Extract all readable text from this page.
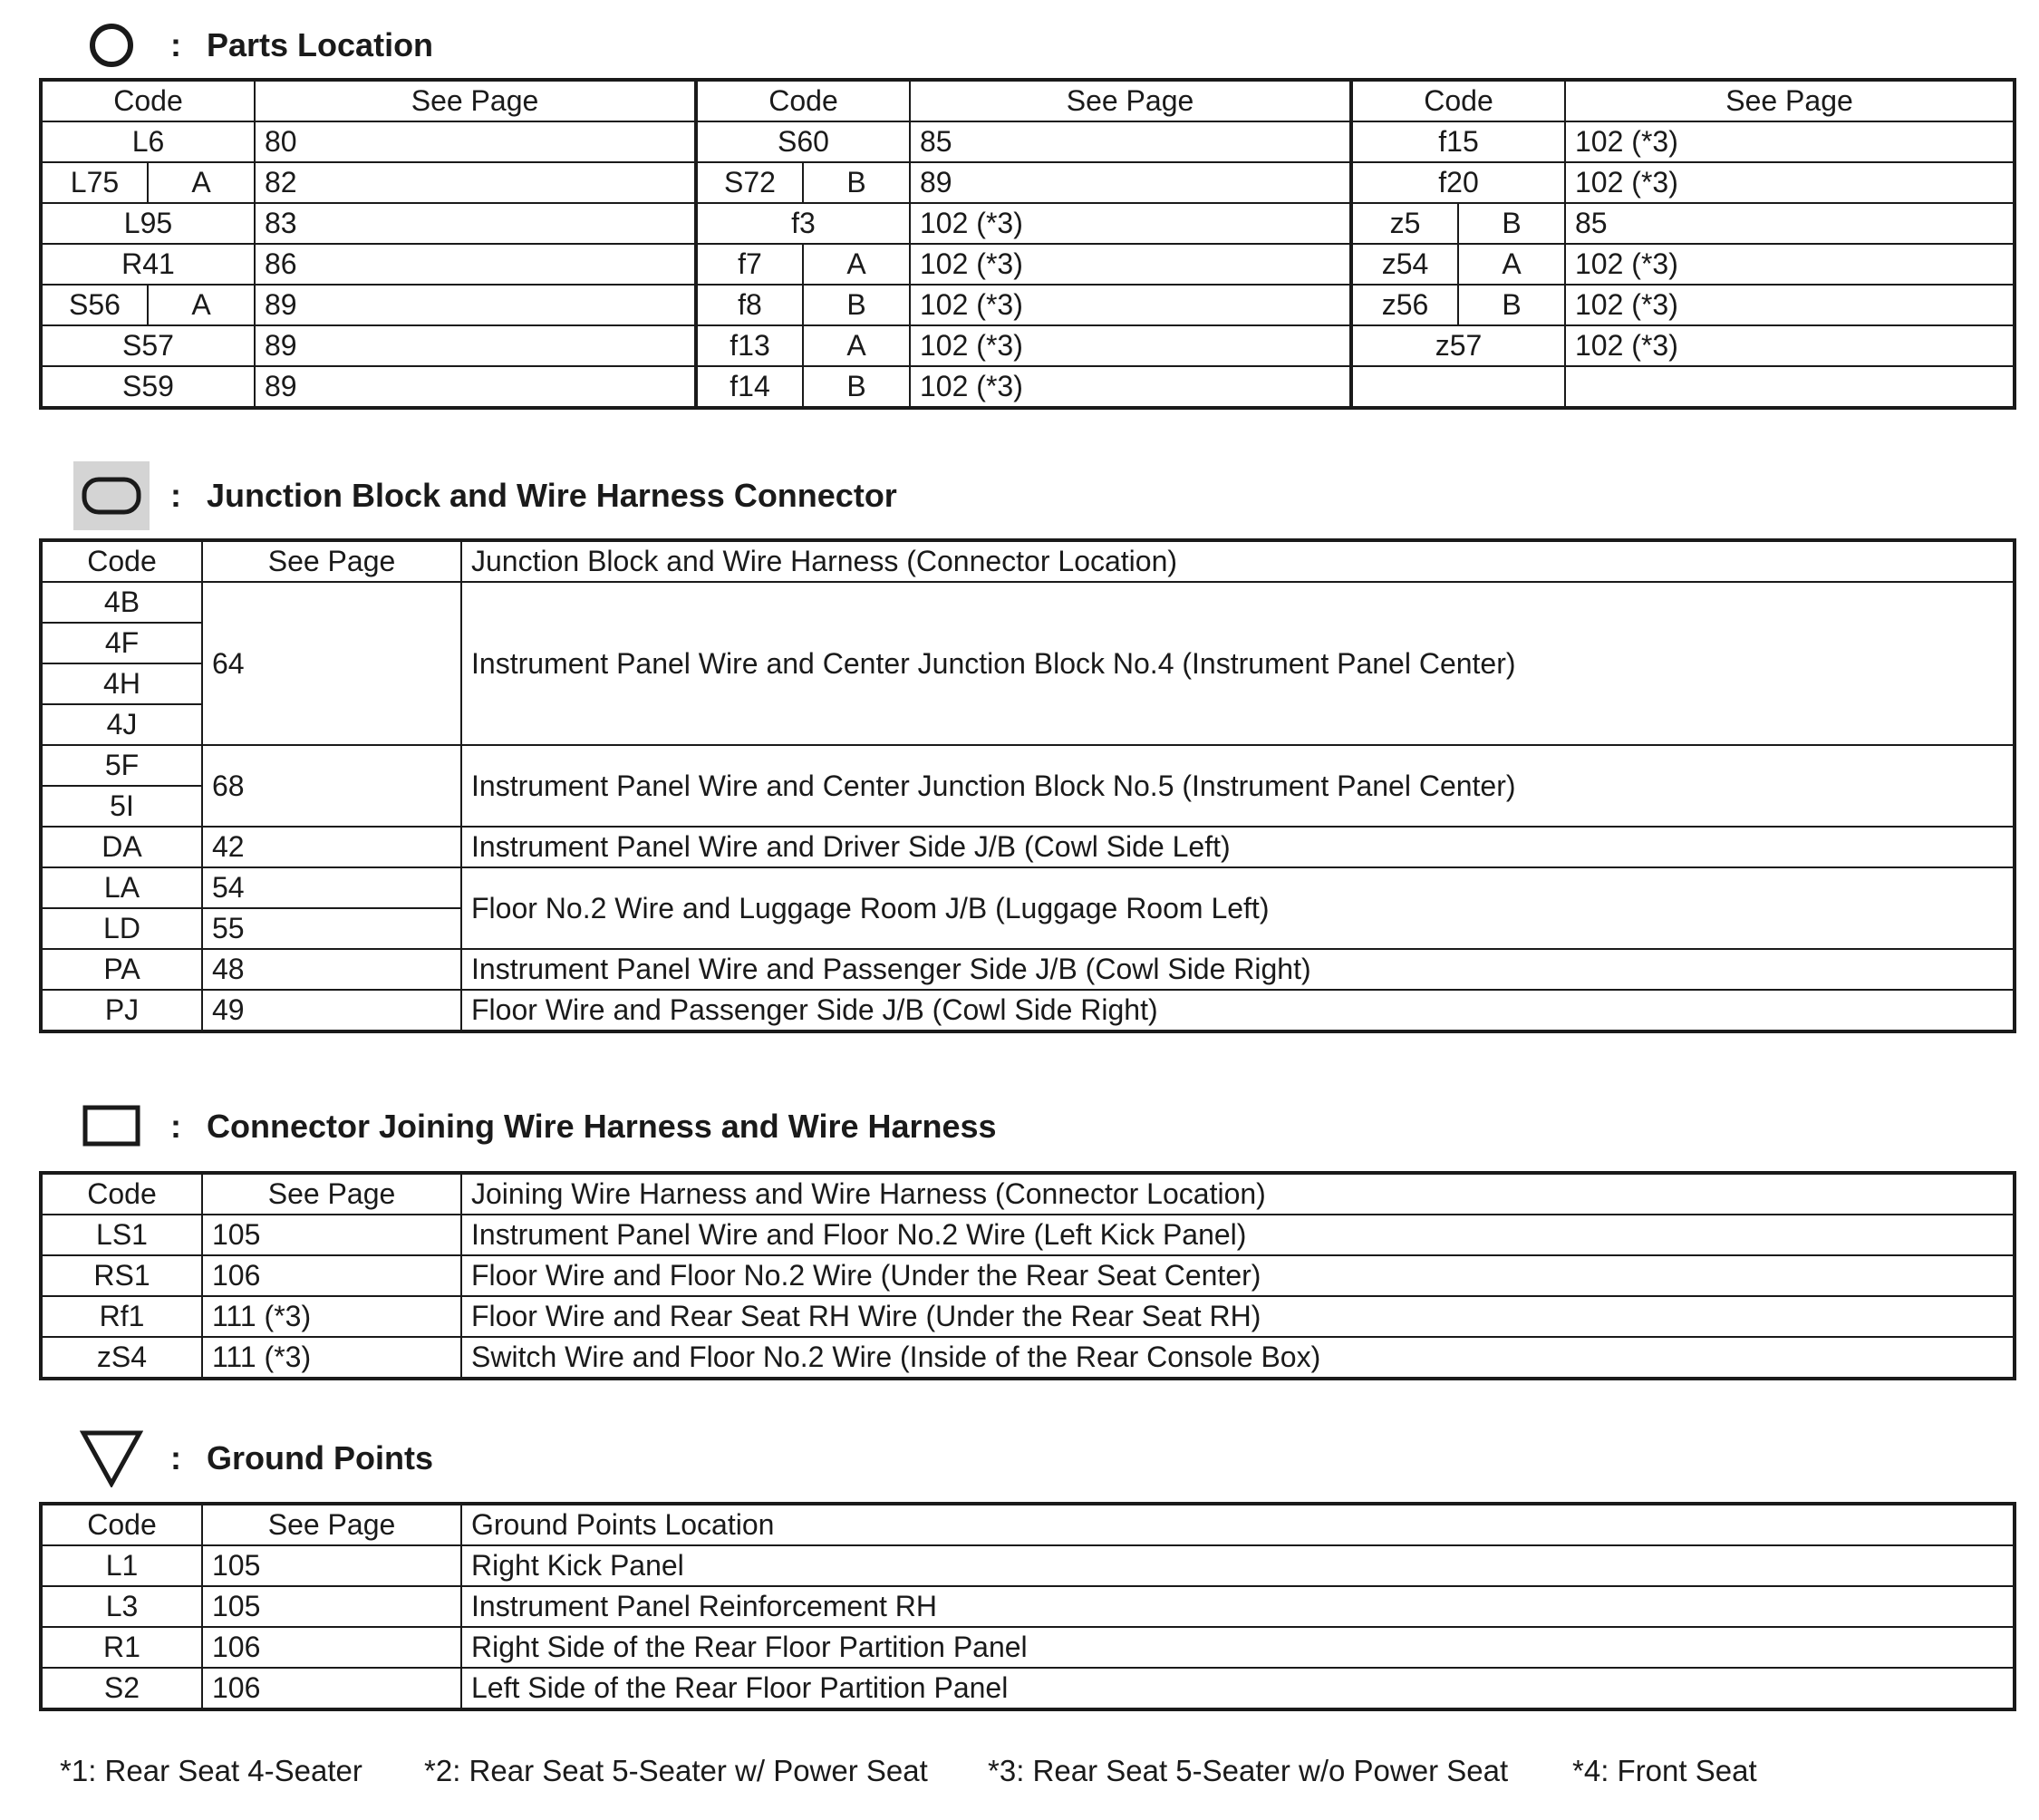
: Parts Location
Code		See Page	Code		See Page	Code		See Page
L6		80	S60		85	f15		102 (*3)
L75	A	82	S72	B	89	f20		102 (*3)
L95		83	f3		102 (*3)	z5	B	85
R41		86	f7	A	102 (*3)	z54	A	102 (*3)
S56	A	89	f8	B	102 (*3)	z56	B	102 (*3)
S57		89	f13	A	102 (*3)	z57		102 (*3)
S59		89	f14	B	102 (*3)			
: Junction Block and Wire Harness Connector
Code	See Page	Junction Block and Wire Harness (Connector Location)
4B	64	Instrument Panel Wire and Center Junction Block No.4 (Instrument Panel Center)
4F		
4H		
4J		
5F	68	Instrument Panel Wire and Center Junction Block No.5 (Instrument Panel Center)
5I		
DA	42	Instrument Panel Wire and Driver Side J/B (Cowl Side Left)
LA	54	Floor No.2 Wire and Luggage Room J/B (Luggage Room Left)
LD	55	
PA	48	Instrument Panel Wire and Passenger Side J/B (Cowl Side Right)
PJ	49	Floor Wire and Passenger Side J/B (Cowl Side Right)
: Connector Joining Wire Harness and Wire Harness
Code	See Page	Joining Wire Harness and Wire Harness (Connector Location)
LS1	105	Instrument Panel Wire and Floor No.2 Wire (Left Kick Panel)
RS1	106	Floor Wire and Floor No.2 Wire (Under the Rear Seat Center)
Rf1	111 (*3)	Floor Wire and Rear Seat RH Wire (Under the Rear Seat RH)
zS4	111 (*3)	Switch Wire and Floor No.2 Wire (Inside of the Rear Console Box)
: Ground Points
Code	See Page	Ground Points Location
L1	105	Right Kick Panel
L3	105	Instrument Panel Reinforcement RH
R1	106	Right Side of the Rear Floor Partition Panel
S2	106	Left Side of the Rear Floor Partition Panel
*1: Rear Seat 4-Seater *2: Rear Seat 5-Seater w/ Power Seat *3: Rear Seat 5-Seater w/o Power Seat *4: Front Seat
